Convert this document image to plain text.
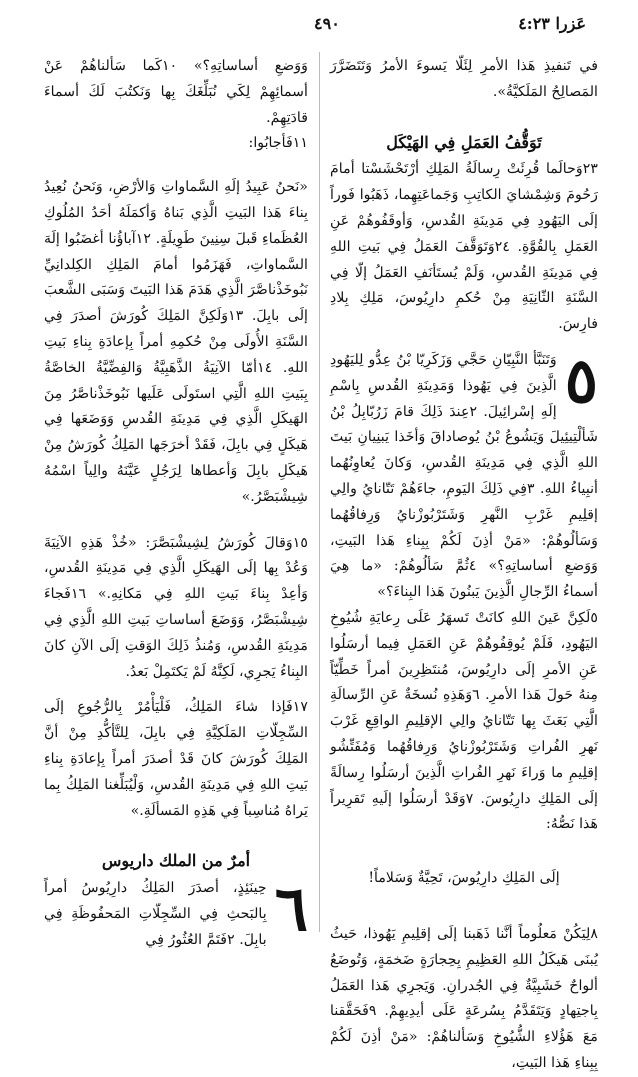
٤٩٠	عَزرا ٤:٢٣

في تَنفيذِ هَذا الأمرِ لِئَلّا يَسوءَ الأمرُ وَتَتَضَرَّرَ المَصالِحُ المَلَكيَّةُ».

تَوَقُّفُ العَمَلِ فِي الهَيْكَل

٢٣وَحالَما قُرِئَتْ رِسالَةُ المَلِكِ أرْتَحْشَسْتا أمامَ رَحُومَ وَشِمْشايَ الكاتِبِ وَجَماعَتِهِما، ذَهَبُوا فَوراً إلَى اليَهُودِ فِي مَدِينَةِ القُدسِ، وَأوقَفُوهُمْ عَنِ العَمَلِ بِالقُوَّةِ. ٢٤وَتَوَقَّفَ العَمَلُ فِي بَيتِ اللهِ فِي مَدِينَةِ القُدسِ، وَلَمْ يُستَأنَفِ العَمَلُ إلّا فِي السَّنَةِ الثّانِيَةِ مِنْ حُكمِ دارِيُوسَ، مَلِكِ بِلادِ فارِسَ.

٥
وَتَنَبَّأ النَّبِيّانِ حَجَّي وَزَكَرِيّا بْنُ عِدُّو لِليَهُودِ الَّذِينَ فِي يَهُوذا وَمَدِينَةِ القُدسِ بِاسْمِ إلَهِ إسْرائِيلَ. ٢عِندَ ذَلِكَ قامَ زَرُبّابِلُ بْنُ شَألْتِيئِيلَ وَيَشُوعُ بْنُ يُوصاداقَ وَأخَذا يَبنِيانِ بَيتَ اللهِ الَّذِي فِي مَدِينَةِ القُدسِ، وَكانَ يُعاوِنُهُما أنبِياءُ اللهِ. ٣فِي ذَلِكَ اليَومِ، جاءَهُمْ تَتّانايُ والِي إقلِيمِ غَرْبِ النَّهرِ وَشَتَرْبُوزْنايُ وَرِفاقُهُما وَسَألُوهُمْ: «مَنْ أذِنَ لَكُمْ بِبِناءِ هَذا البَيتِ، وَوَضعِ أساساتِهِ؟» ٤ثُمَّ سَألُوهُمْ: «ما هِيَ أسماءُ الرِّجالِ الَّذِينَ يَبنُونَ هَذا البِناءَ؟»

٥لَكِنَّ عَينَ اللهِ كانَتْ تَسهَرُ عَلَى رِعايَةِ شُيُوخِ اليَهُودِ، فَلَمْ يُوقِفُوهُمْ عَنِ العَمَلِ فِيما أرسَلُوا عَنِ الأمرِ إلَى دارِيُوسَ، مُنتَظِرِينَ أمراً خَطِّيّاً مِنهُ حَولَ هَذا الأمرِ. ٦وَهَذِهِ نُسخَةٌ عَنِ الرِّسالَةِ الَّتِي بَعَثَ بِها تَتّانايُ والِي الإقلِيمِ الواقِعِ غَرْبَ نَهرِ الفُراتِ وَشَتَرْبُوزْنايُ وَرِفاقُهُما وَمُفَتِّشُو إقلِيمِ ما وَراءَ نَهرِ الفُراتِ الَّذِينَ أرسَلُوا رِسالَةً إلَى المَلِكِ دارِيُوسَ. ٧وَقَدْ أرسَلُوا إلَيهِ تَقرِيراً هَذا نَصُّهُ:

إلَى المَلِكِ دارِيُوسَ، تَحِيَّةٌ وَسَلاماً!

٨لِيَكُنْ مَعلُوماً أنَّنا ذَهَبنا إلَى إقلِيمِ يَهُوذا، حَيثُ يُبنَى هَيكَلُ اللهِ العَظِيمِ بِحِجارَةٍ ضَخمَةٍ، وَتُوضَعُ ألواحٌ خَشَبِيَّةٌ فِي الجُدرانِ. وَيَجرِي هَذا العَمَلُ بِاجتِهادٍ وَيَتَقَدَّمُ بِسُرعَةٍ عَلَى أيدِيهِمْ. ٩فَحَقَّقنا مَعَ هَؤُلاءِ الشُّيُوخِ وَسَألناهُمْ: «مَنْ أذِنَ لَكُمْ بِبِناءِ هَذا البَيتِ،

وَوَضعِ أساساتِهِ؟» ١٠كَما سَألناهُمْ عَنْ أسمائِهِمْ لِكَي نُبَلِّغَكَ بِها وَنَكتُبَ لَكَ أسماءَ قادَتِهِمْ.

١١فَأجابُوا:

«نَحنُ عَبِيدُ إلَهِ السَّماواتِ وَالأرْضِ، وَنَحنُ نُعِيدُ بِناءَ هَذا البَيتِ الَّذِي بَناهُ وَأكمَلَهُ أحَدُ المُلُوكِ العُظَماءِ قَبلَ سِنِينَ طَوِيلَةٍ. ١٢آباؤُنا أغضَبُوا إلَهَ السَّماواتِ، فَهَزَمُوا أمامَ المَلِكِ الكِلدانِيِّ نَبُوخَذْناصَّرَ الَّذِي هَدَمَ هَذا البَيتَ وَسَبَى الشَّعبَ إلَى بابِلَ. ١٣وَلَكِنَّ المَلِكَ كُورَشَ أصدَرَ فِي السَّنَةِ الأُولَى مِنْ حُكمِهِ أمراً بِإعادَةِ بِناءِ بَيتِ اللهِ. ١٤أمّا الآنِيَةُ الذَّهَبِيَّةُ وَالفِضِّيَّةُ الخاصَّةُ بِبَيتِ اللهِ الَّتِي استَولَى عَلَيها نَبُوخَذْناصَّرُ مِنَ الهَيكَلِ الَّذِي فِي مَدِينَةِ القُدسِ وَوَضَعَها فِي هَيكَلٍ فِي بابِلَ، فَقَدْ أخرَجَها المَلِكُ كُورَشُ مِنْ هَيكَلِ بابِلَ وَأعطاها لِرَجُلٍ عَيَّنَهُ والِياً اسْمُهُ شِيشْبَصَّرُ.»

١٥وَقالَ كُورَشُ لِشِيشْبَصَّرَ: «خُذْ هَذِهِ الآنِيَةَ وَعُدْ بِها إلَى الهَيكَلِ الَّذِي فِي مَدِينَةِ القُدسِ، وَأعِدْ بِناءَ بَيتِ اللهِ فِي مَكانِهِ.» ١٦فَجاءَ شِيشْبَصَّرُ، وَوَضَعَ أساساتِ بَيتِ اللهِ الَّذِي فِي مَدِينَةِ القُدسِ، وَمُنذُ ذَلِكَ الوَقتِ إلَى الآنِ كانَ البِناءُ يَجرِي، لَكِنَّهُ لَمْ يَكتَمِلْ بَعدُ.

١٧فَإذا شاءَ المَلِكُ، فَلْيَأْمُرْ بِالرُّجُوعِ إلَى السِّجِلّاتِ المَلَكِيَّةِ فِي بابِلَ، لِلتَّأكُّدِ مِنْ أنَّ المَلِكَ كُورَشَ كانَ قَدْ أصدَرَ أمراً بِإعادَةِ بِناءِ بَيتِ اللهِ فِي مَدِينَةِ القُدسِ، وَلْيُبَلِّغنا المَلِكُ بِما يَراهُ مُناسِباً فِي هَذِهِ المَسألَةِ.»

أمرٌ من الملك داريوس

٦
حِينَئِذٍ، أصدَرَ المَلِكُ دارِيُوسُ أمراً بِالبَحثِ فِي السِّجِلّاتِ المَحفُوظَةِ فِي بابِلَ. ٢فَتَمَّ العُثُورُ فِي
